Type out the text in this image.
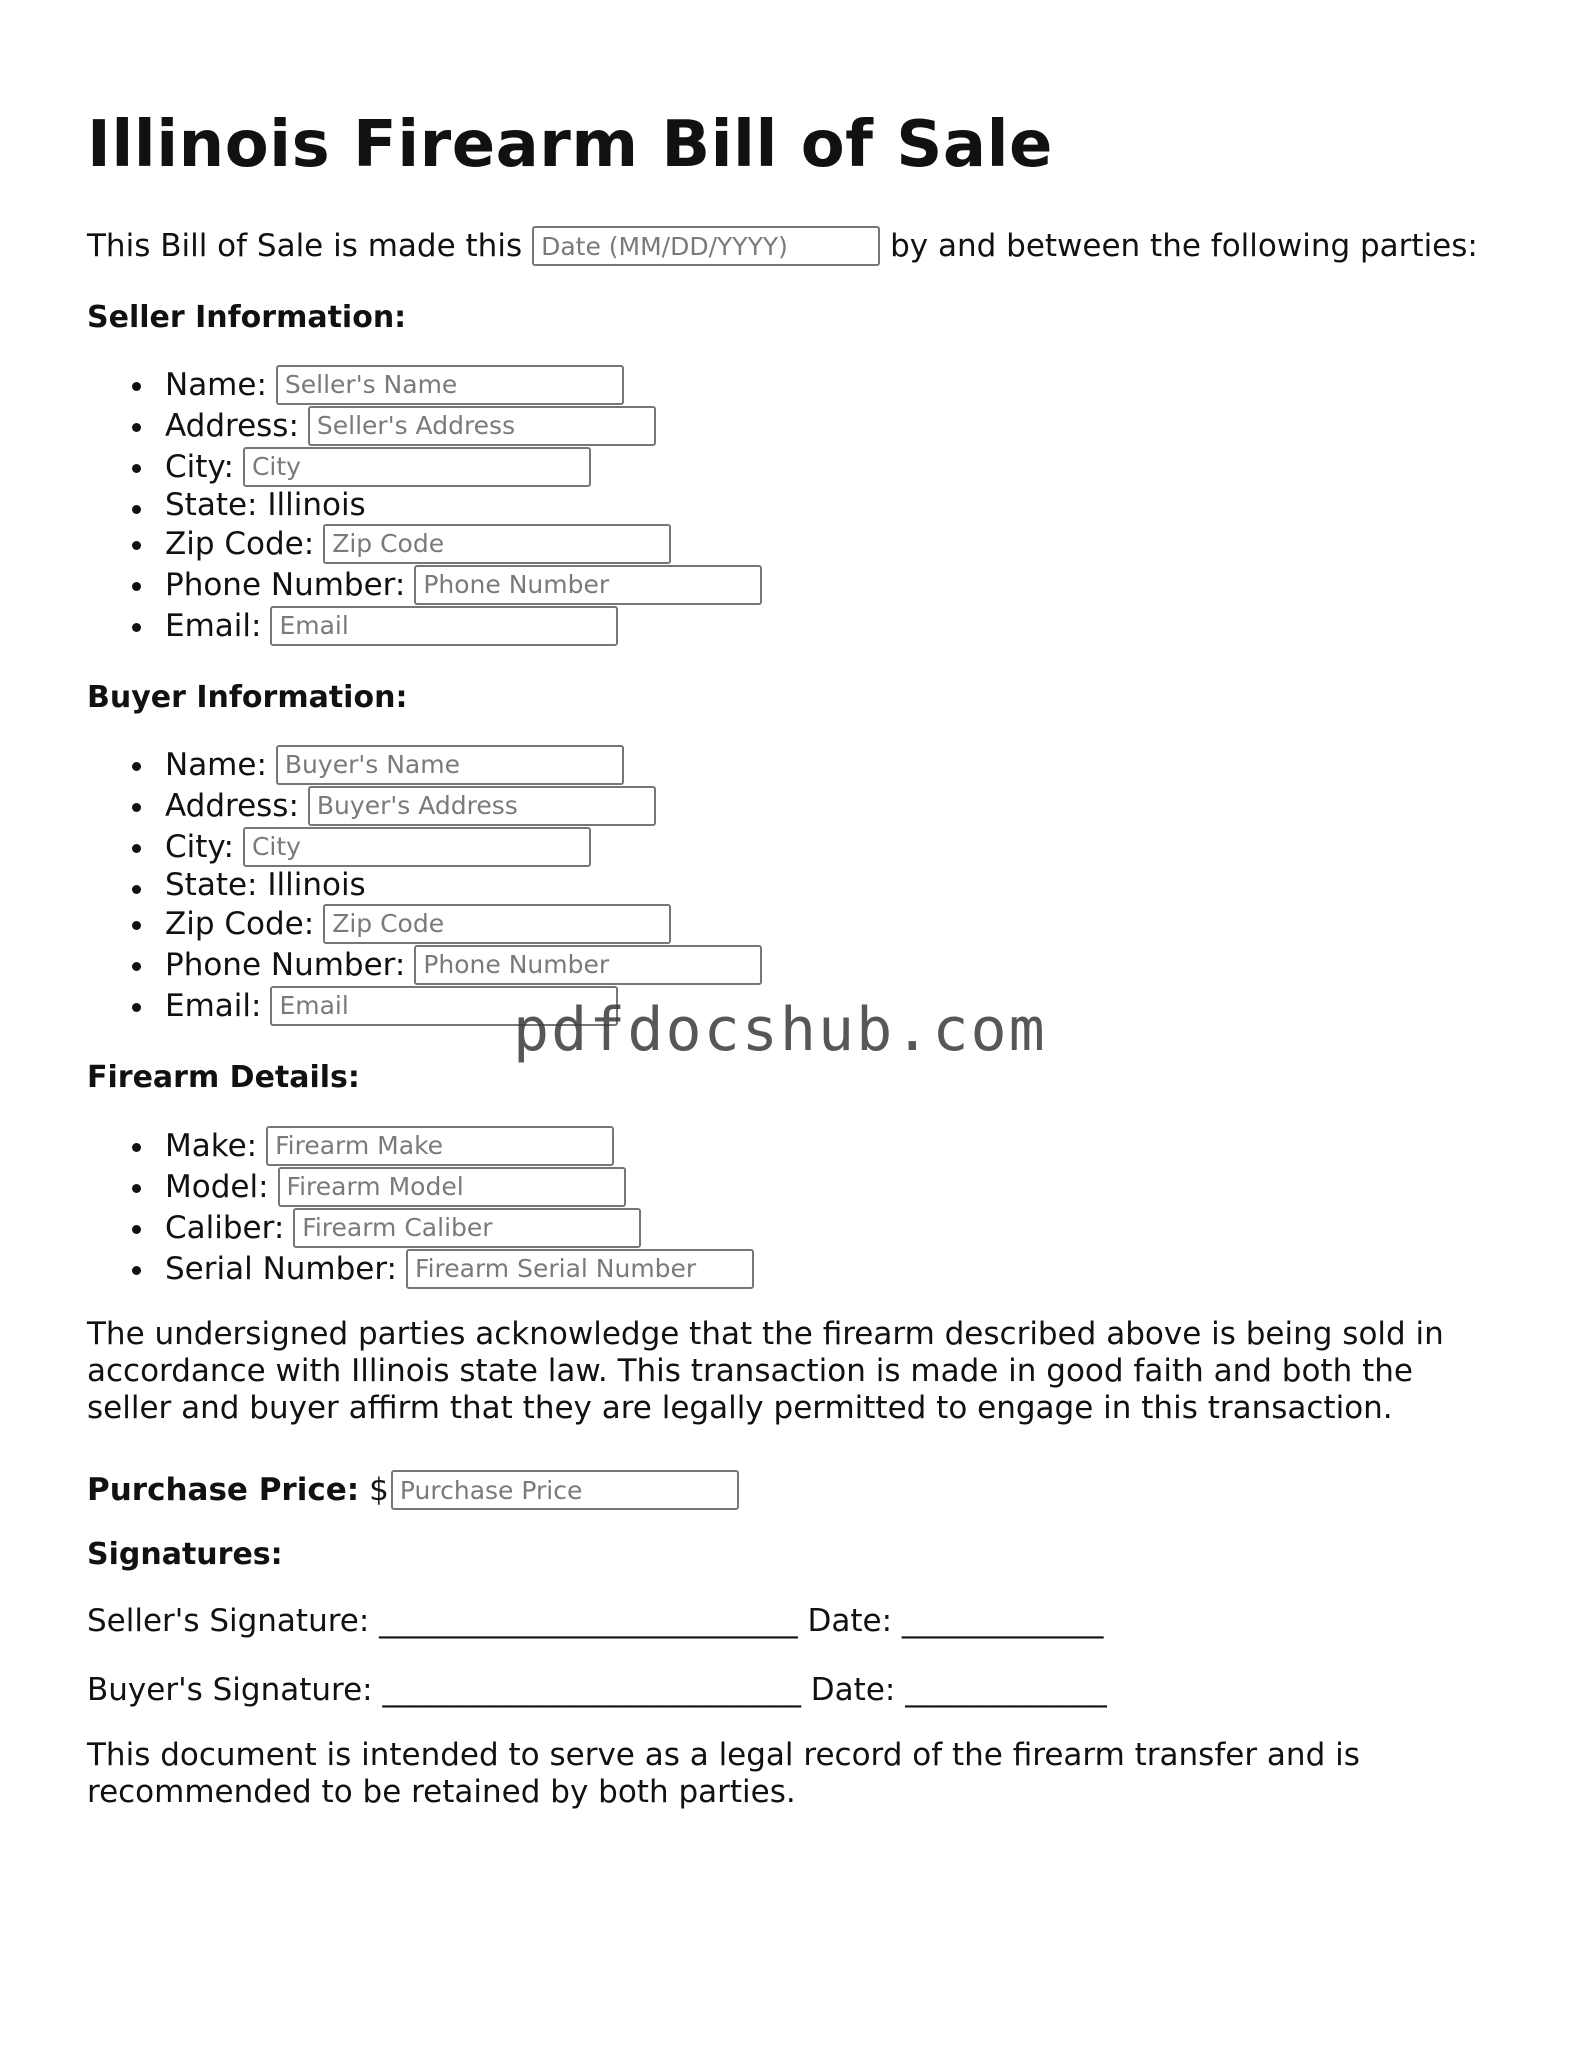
Illinois Firearm Bill of Sale
This Bill of Sale is made this
Date (MM/DD/YYYY)	by and between the following parties:
Seller Information:
Name:
Seller's Name
Address:
Seller's Address
City:
City
State: Illinois
Zip Code:
Zip Code
Phone Number:
Phone Number
Email:
Email
Buyer Information:
Name:
Buyer's Name
Address:
Buyer's Address
City:
City
State: Illinois
Zip Code:
Zip Code
Phone Number:
Phone Number
Email:
Email
Firearm Details:
Make:
Firearm Make
Model:
Firearm Model
Caliber:
Firearm Caliber
Serial Number:
Firearm Serial Number

The undersigned parties acknowledge that the firearm described above is being sold in accordance with Illinois state law. This transaction is made in good faith and both the seller and buyer affirm that they are legally permitted to engage in this transaction.

Purchase Price: $
Purchase Price
Signatures:
Seller's Signature: ___________________________ Date: _____________
Buyer's Signature: ___________________________ Date: _____________

This document is intended to serve as a legal record of the firearm transfer and is recommended to be retained by both parties.

pdfdocshub.com
